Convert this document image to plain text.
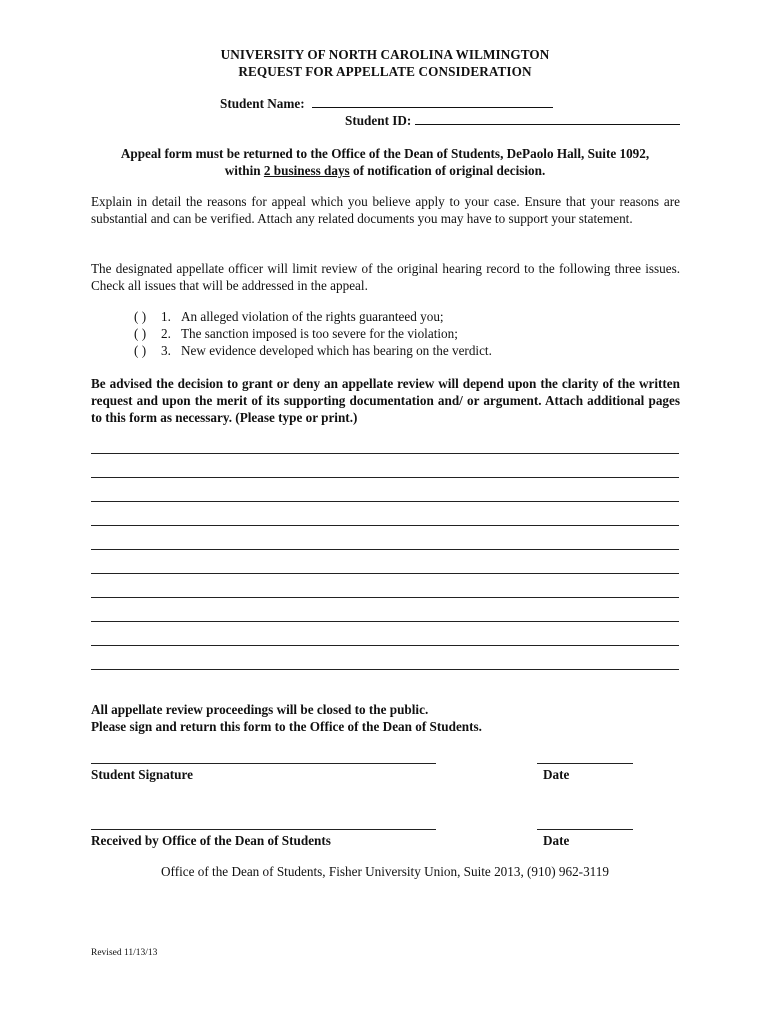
UNIVERSITY OF NORTH CAROLINA WILMINGTON
REQUEST FOR APPELLATE CONSIDERATION
Student Name:
Student ID:
Appeal form must be returned to the Office of the Dean of Students, DePaolo Hall, Suite 1092,
within 2 business days of notification of original decision.
Explain in detail the reasons for appeal which you believe apply to your case. Ensure that your reasons are substantial and can be verified. Attach any related documents you may have to support your statement.
The designated appellate officer will limit review of the original hearing record to the following three issues. Check all issues that will be addressed in the appeal.
( ) 1. An alleged violation of the rights guaranteed you;
( ) 2. The sanction imposed is too severe for the violation;
( ) 3. New evidence developed which has bearing on the verdict.
Be advised the decision to grant or deny an appellate review will depend upon the clarity of the written request and upon the merit of its supporting documentation and/ or argument. Attach additional pages to this form as necessary. (Please type or print.)
All appellate review proceedings will be closed to the public.
Please sign and return this form to the Office of the Dean of Students.
Student Signature	Date
Received by Office of the Dean of Students	Date
Office of the Dean of Students, Fisher University Union, Suite 2013, (910) 962-3119
Revised 11/13/13
